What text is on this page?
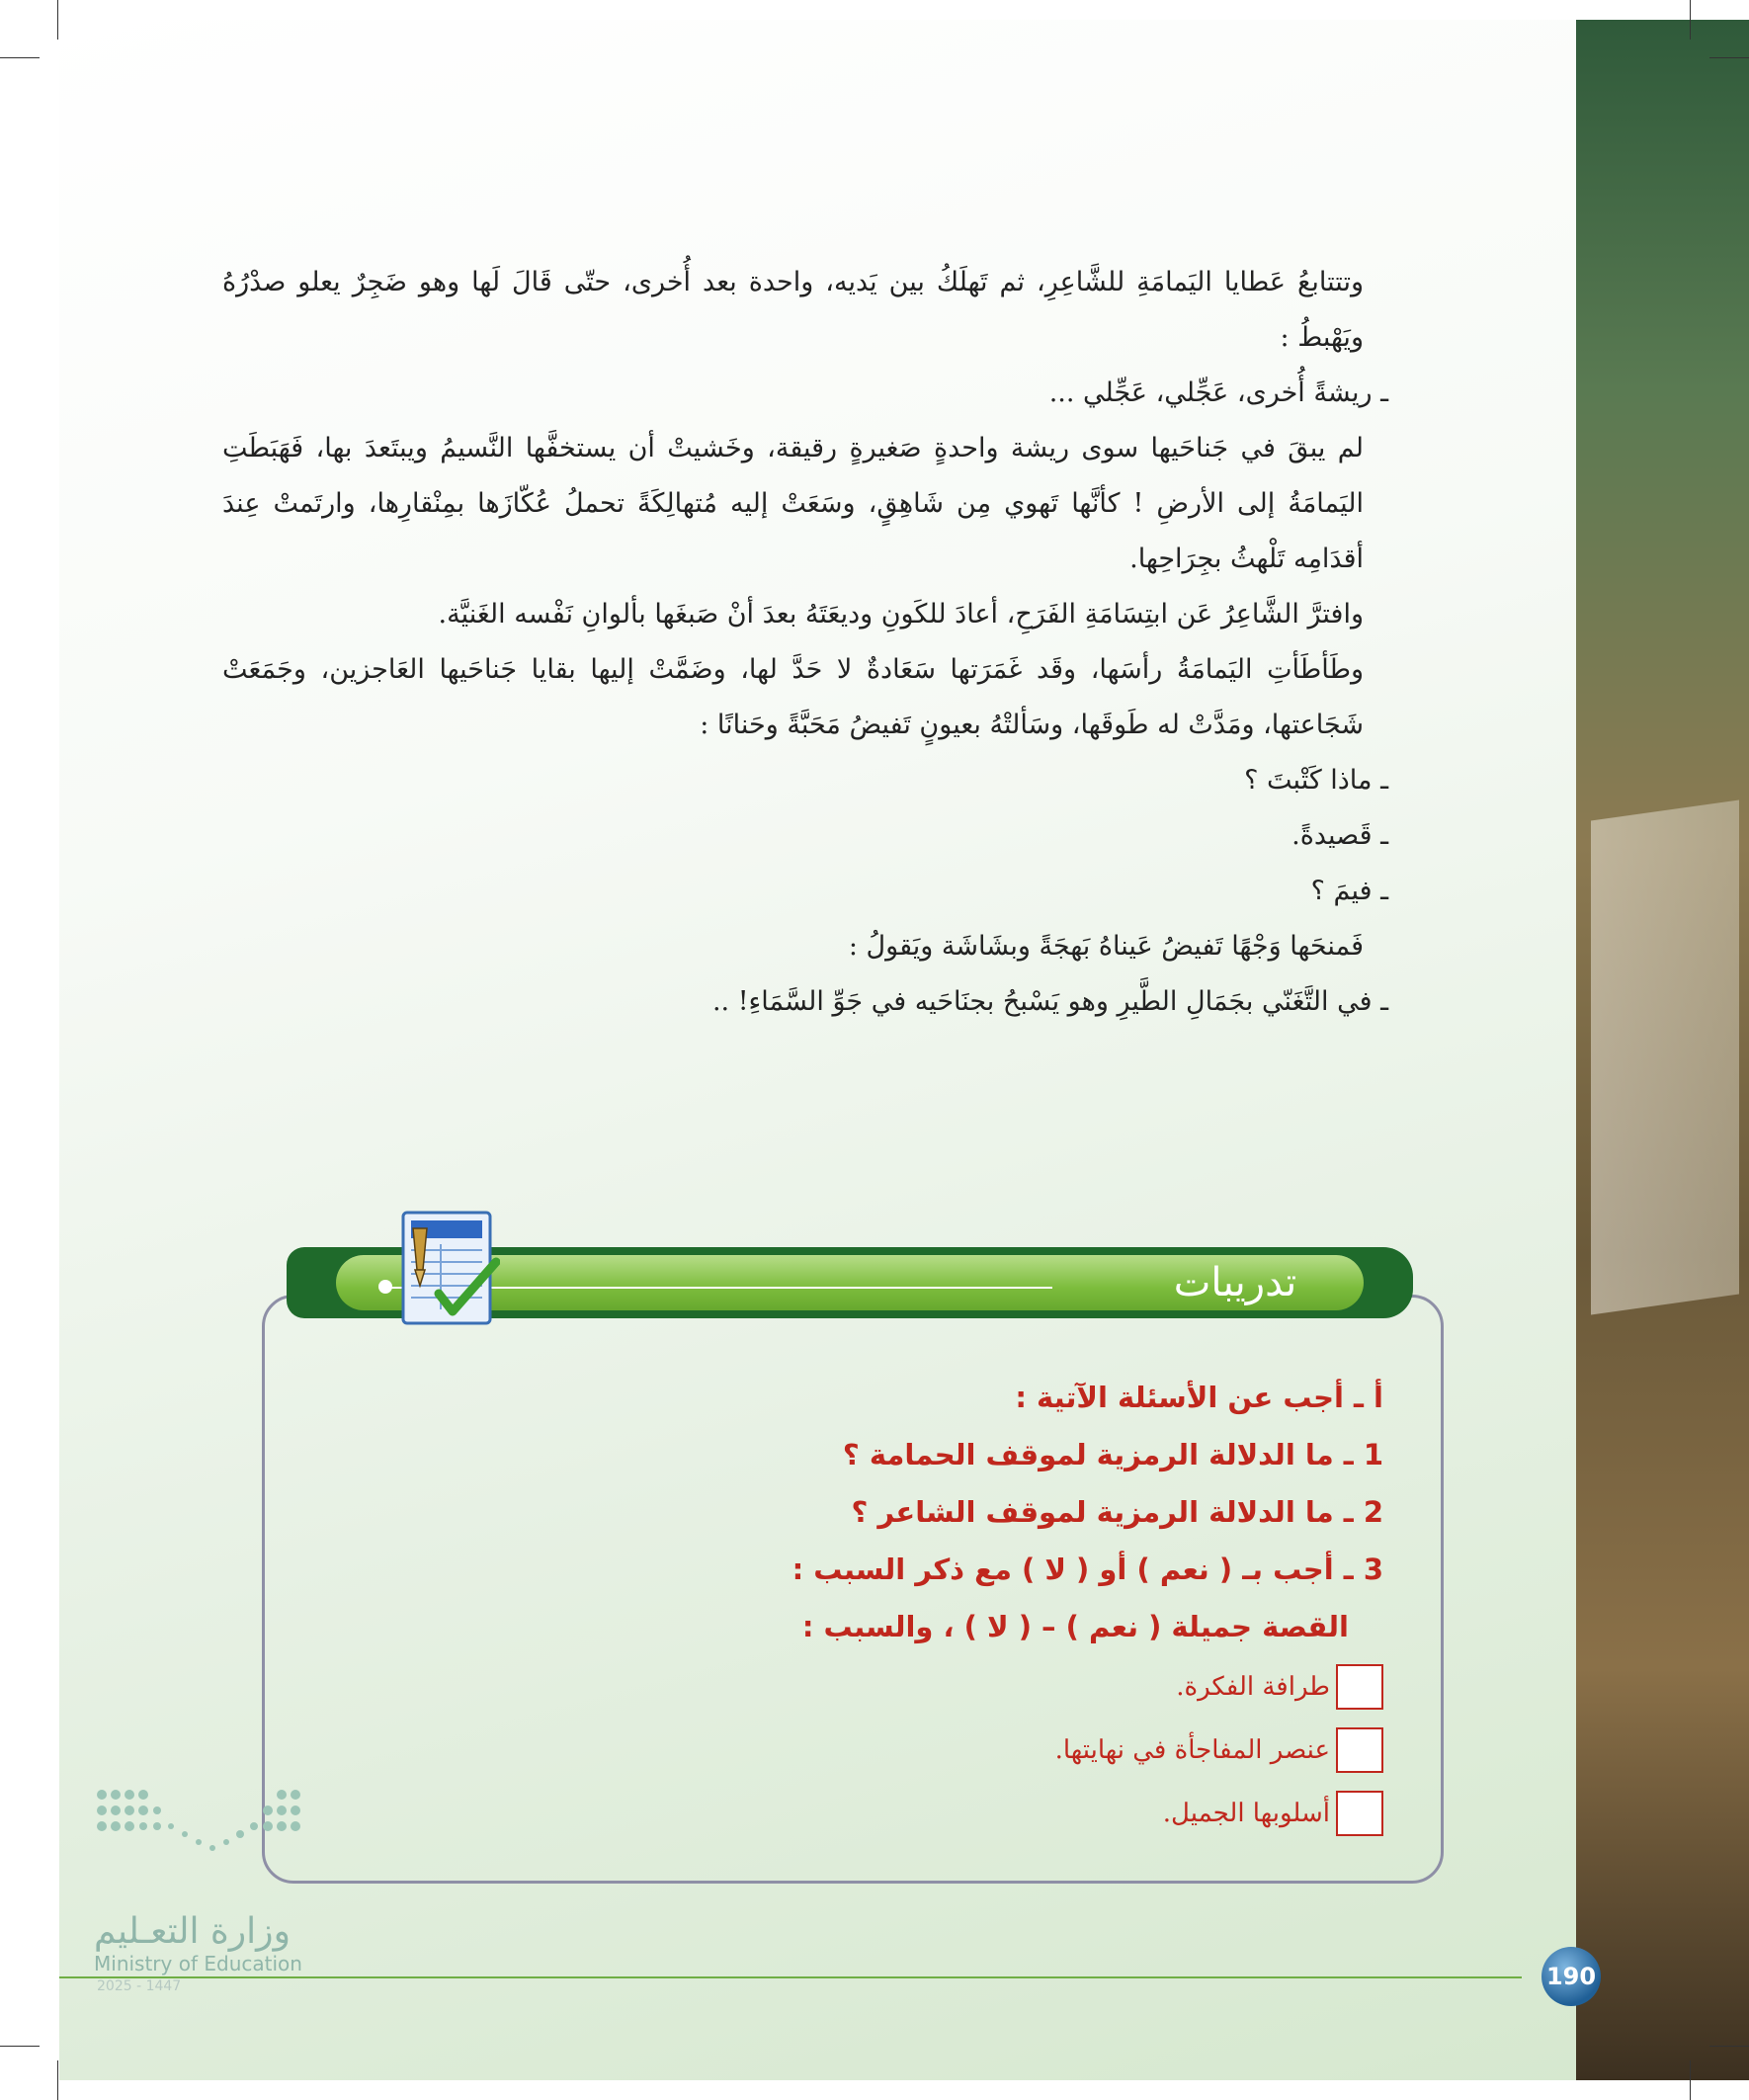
وتتتابعُ عَطايا اليَمامَةِ للشَّاعِرِ، ثم تَهلَكُ بين يَديه، واحدة بعد أُخرى، حتّى قَالَ لَها وهو ضَجِرٌ يعلو صدْرُهُ ويَهْبطُ :

ـ ريشةً أُخرى، عَجِّلي، عَجِّلي ...

لم يبقَ في جَناحَيها سوى ريشة واحدةٍ صَغيرةٍ رقيقة، وخَشيتْ أن يستخفَّها النَّسيمُ ويبتَعدَ بها، فَهَبَطَتِ اليَمامَةُ إلى الأرضِ ! كأنَّها تَهوي مِن شَاهِقٍ، وسَعَتْ إليه مُتهالِكَةً تحملُ عُكّازَها بمِنْقارِها، وارتَمتْ عِندَ أقدَامِه تَلْهثُ بجِرَاحِها.

وافترَّ الشَّاعِرُ عَن ابتِسَامَةِ الفَرَحِ، أعادَ للكَونِ وديعَتَهُ بعدَ أنْ صَبغَها بألوانِ نَفْسه الغَنيَّة.

وطَأطَأتِ اليَمامَةُ رأسَها، وقَد غَمَرَتها سَعَادةٌ لا حَدَّ لها، وضَمَّتْ إليها بقايا جَناحَيها العَاجزين، وجَمَعَتْ شَجَاعتها، ومَدَّتْ له طَوقَها، وسَألتْهُ بعيونٍ تَفيضُ مَحَبَّةً وحَنانًا :

ـ ماذا كَتْبتَ ؟

ـ قَصيدةً.

ـ فيمَ ؟

فَمنحَها وَجْهًا تَفيضُ عَيناهُ بَهجَةً وبشَاشَة ويَقولُ :

ـ في التَّغَنّي بجَمَالِ الطَّيرِ وهو يَسْبحُ بجنَاحَيه في جَوِّ السَّمَاءِ! ..

تدريبات

أ ـ أجب عن الأسئلة الآتية :

1 ـ ما الدلالة الرمزية لموقف الحمامة ؟

2 ـ ما الدلالة الرمزية لموقف الشاعر ؟

3 ـ أجب بـ ( نعم ) أو ( لا ) مع ذكر السبب :

القصة جميلة ( نعم ) – ( لا ) ، والسبب :

طرافة الفكرة.
عنصر المفاجأة في نهايتها.
أسلوبها الجميل.
وزارة التعـليم
Ministry of Education
2025 - 1447	190
